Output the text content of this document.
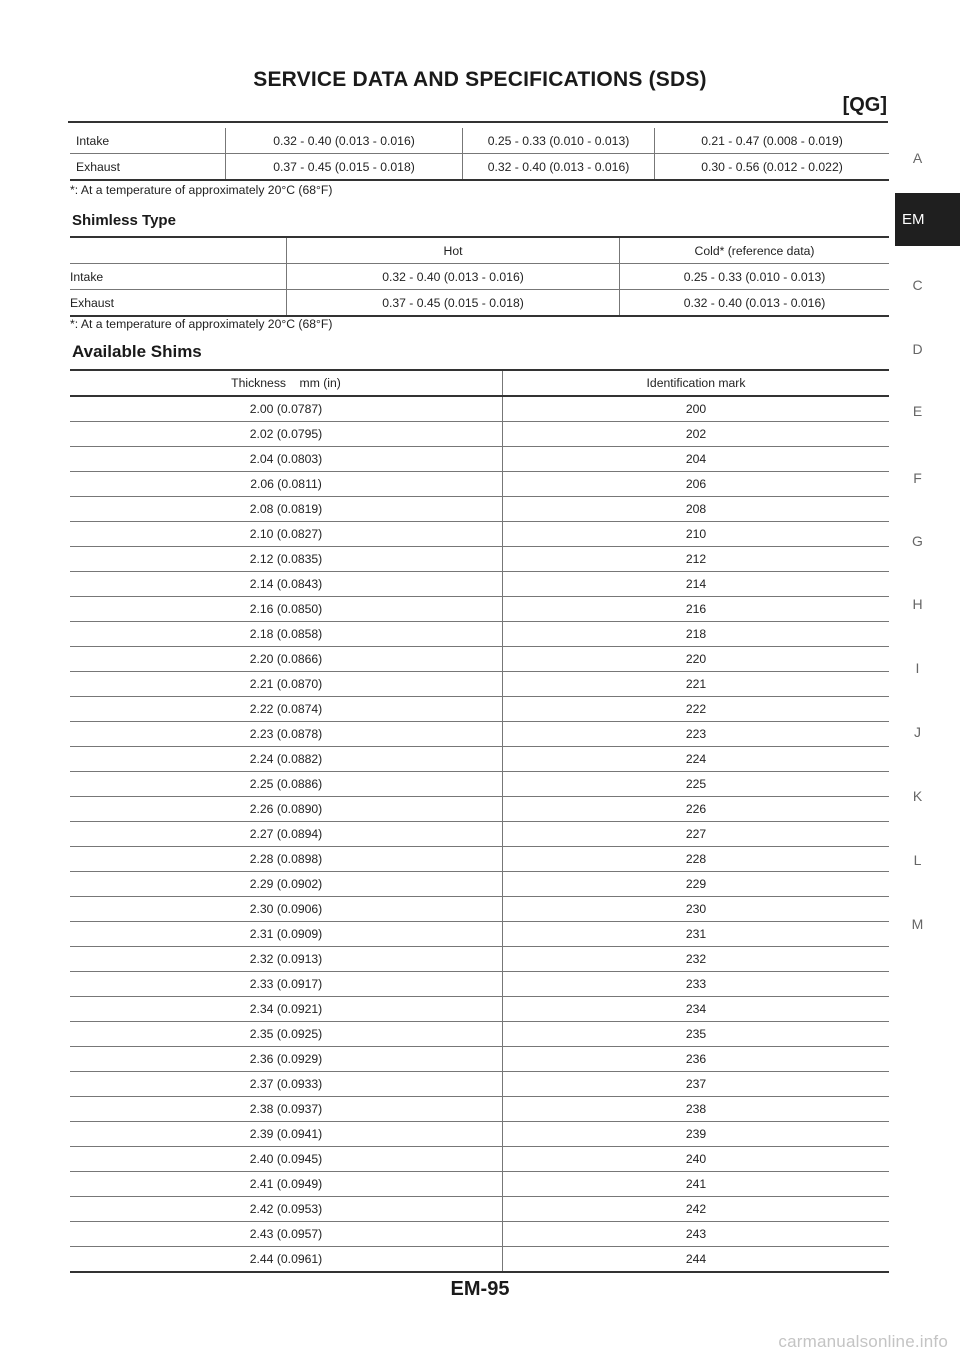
SERVICE DATA AND SPECIFICATIONS (SDS)
[QG]
Intake	0.32 - 0.40 (0.013 - 0.016)	0.25 - 0.33 (0.010 - 0.013)	0.21 - 0.47 (0.008 - 0.019)
Exhaust	0.37 - 0.45 (0.015 - 0.018)	0.32 - 0.40 (0.013 - 0.016)	0.30 - 0.56 (0.012 - 0.022)
*: At a temperature of approximately 20°C (68°F)
Shimless Type
	Hot	Cold* (reference data)
Intake	0.32 - 0.40 (0.013 - 0.016)	0.25 - 0.33 (0.010 - 0.013)
Exhaust	0.37 - 0.45 (0.015 - 0.018)	0.32 - 0.40 (0.013 - 0.016)
*: At a temperature of approximately 20°C (68°F)
Available Shims
Thickness    mm (in)	Identification mark
2.00 (0.0787)	200
2.02 (0.0795)	202
2.04 (0.0803)	204
2.06 (0.0811)	206
2.08 (0.0819)	208
2.10 (0.0827)	210
2.12 (0.0835)	212
2.14 (0.0843)	214
2.16 (0.0850)	216
2.18 (0.0858)	218
2.20 (0.0866)	220
2.21 (0.0870)	221
2.22 (0.0874)	222
2.23 (0.0878)	223
2.24 (0.0882)	224
2.25 (0.0886)	225
2.26 (0.0890)	226
2.27 (0.0894)	227
2.28 (0.0898)	228
2.29 (0.0902)	229
2.30 (0.0906)	230
2.31 (0.0909)	231
2.32 (0.0913)	232
2.33 (0.0917)	233
2.34 (0.0921)	234
2.35 (0.0925)	235
2.36 (0.0929)	236
2.37 (0.0933)	237
2.38 (0.0937)	238
2.39 (0.0941)	239
2.40 (0.0945)	240
2.41 (0.0949)	241
2.42 (0.0953)	242
2.43 (0.0957)	243
2.44 (0.0961)	244
EM
A
C
D
E
F
G
H
I
J
K
L
M
EM-95
carmanualsonline.info
